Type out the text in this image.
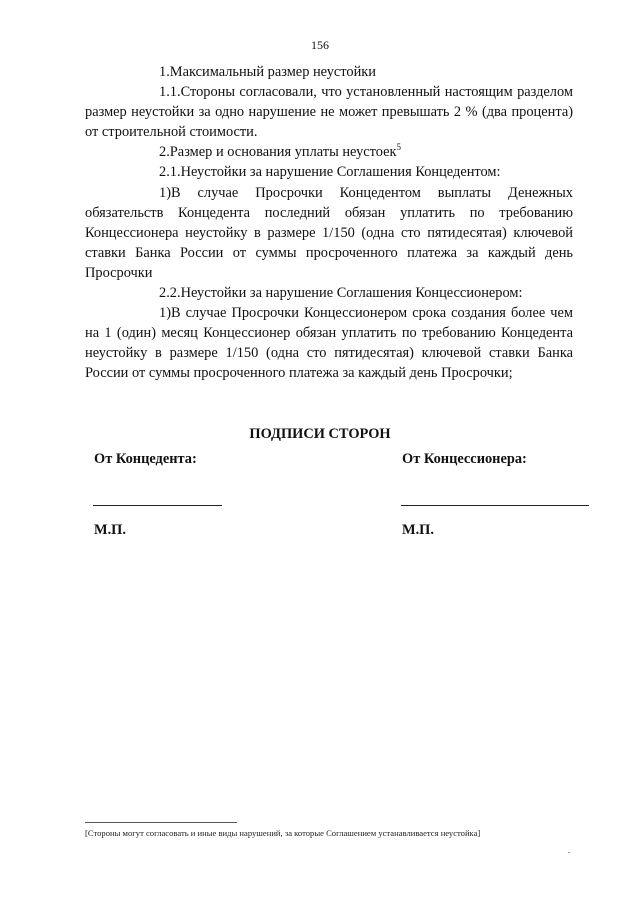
156

1.Максимальный размер неустойки

1.1.Стороны согласовали, что установленный настоящим разделом размер неустойки за одно нарушение не может превышать 2 % (два процента) от строительной стоимости.

2.Размер и основания уплаты неустоек$^5$

2.1.Неустойки за нарушение Соглашения Концедентом:

1)В случае Просрочки Концедентом выплаты Денежных обязательств Концедента последний обязан уплатить по требованию Концессионера неустойку в размере 1/150 (одна сто пятидесятая) ключевой ставки Банка России от суммы просроченного платежа за каждый день Просрочки

2.2.Неустойки за нарушение Соглашения Концессионером:

1)В случае Просрочки Концессионером срока создания более чем на 1 (один) месяц Концессионер обязан уплатить по требованию Концедента неустойку в размере 1/150 (одна сто пятидесятая) ключевой ставки Банка России от суммы просроченного платежа за каждый день Просрочки;

ПОДПИСИ СТОРОН
От Концедента:	От Концессионера:
М.П.	М.П.
[Стороны могут согласовать и иные виды нарушений, за которые Соглашением устанавливается неустойка]
